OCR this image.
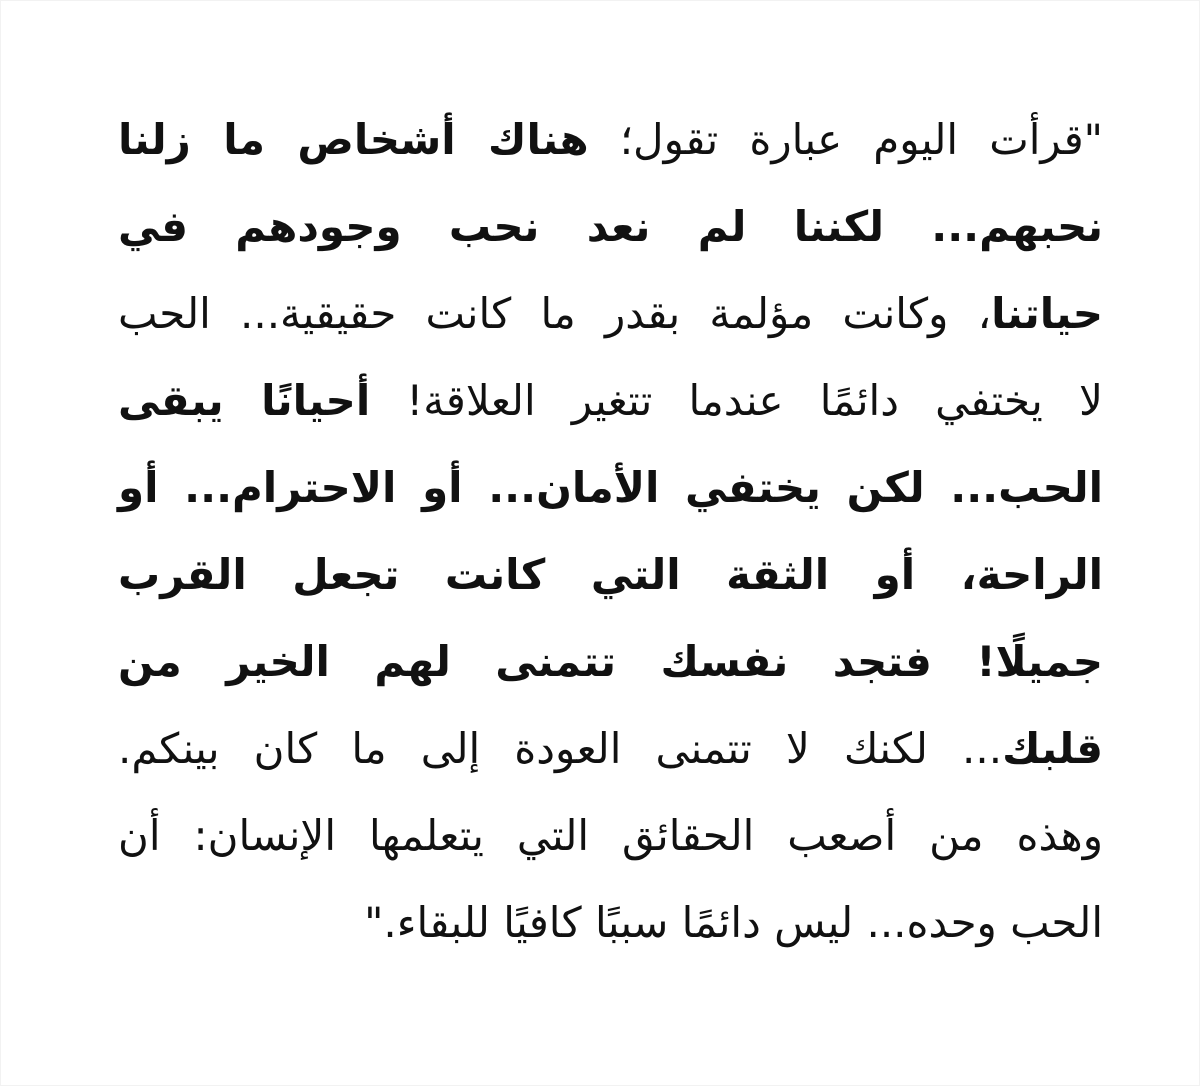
"قرأت اليوم عبارة تقول؛ هناك أشخاص ما زلنا
نحبهم... لكننا لم نعد نحب وجودهم في
حياتنا، وكانت مؤلمة بقدر ما كانت حقيقية... الحب
لا يختفي دائمًا عندما تتغير العلاقة! أحيانًا يبقى
الحب... لكن يختفي الأمان... أو الاحترام... أو
الراحة، أو الثقة التي كانت تجعل القرب
جميلًا! فتجد نفسك تتمنى لهم الخير من
قلبك... لكنك لا تتمنى العودة إلى ما كان بينكم.
وهذه من أصعب الحقائق التي يتعلمها الإنسان: أن
الحب وحده... ليس دائمًا سببًا كافيًا للبقاء."
